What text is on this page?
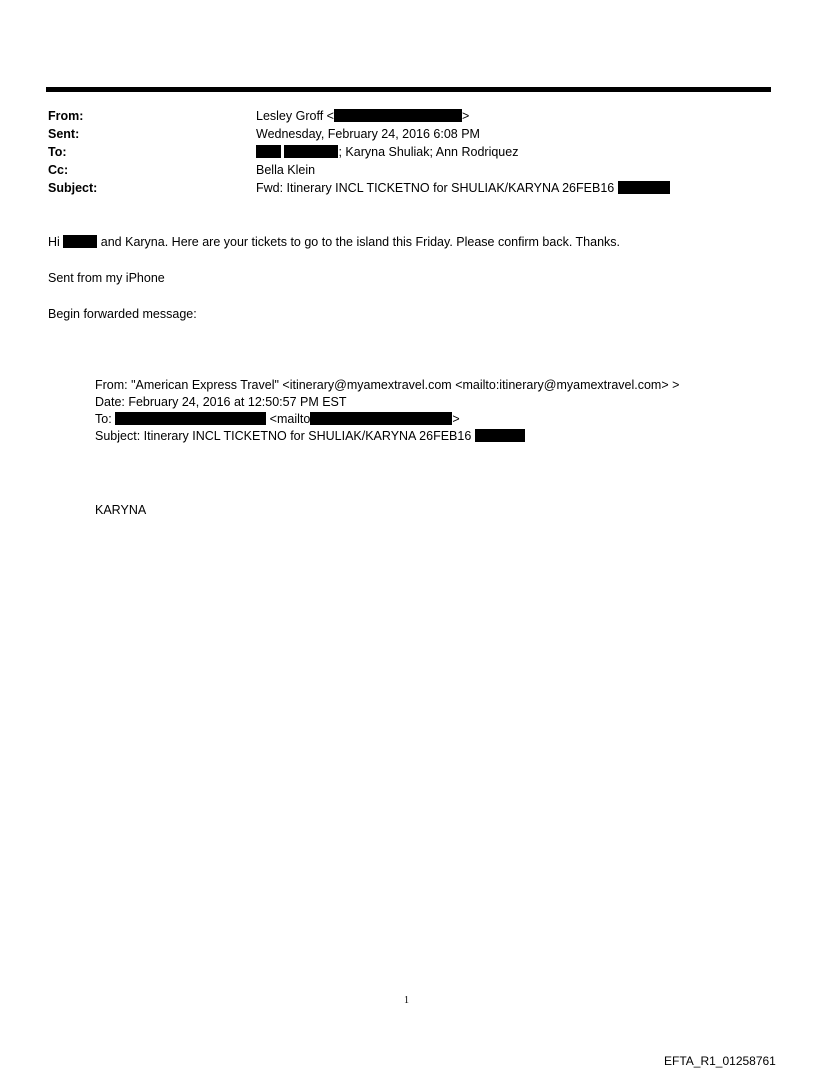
From:	Lesley Groff <	>
Sent:	Wednesday, February 24, 2016 6:08 PM
To:	; Karyna Shuliak; Ann Rodriquez
Cc:	Bella Klein
Subject:	Fwd: Itinerary INCL TICKETNO for SHULIAK/KARYNA 26FEB16
Hi	and Karyna. Here are your tickets to go to the island this Friday. Please confirm back. Thanks.
Sent from my iPhone
Begin forwarded message:
From: "American Express Travel" <itinerary@myamextravel.com <mailto:itinerary@myamextravel.com> >
Date: February 24, 2016 at 12:50:57 PM EST
To:	<mailto	>
Subject: Itinerary INCL TICKETNO for SHULIAK/KARYNA 26FEB16
KARYNA
1
EFTA_R1_01258761
